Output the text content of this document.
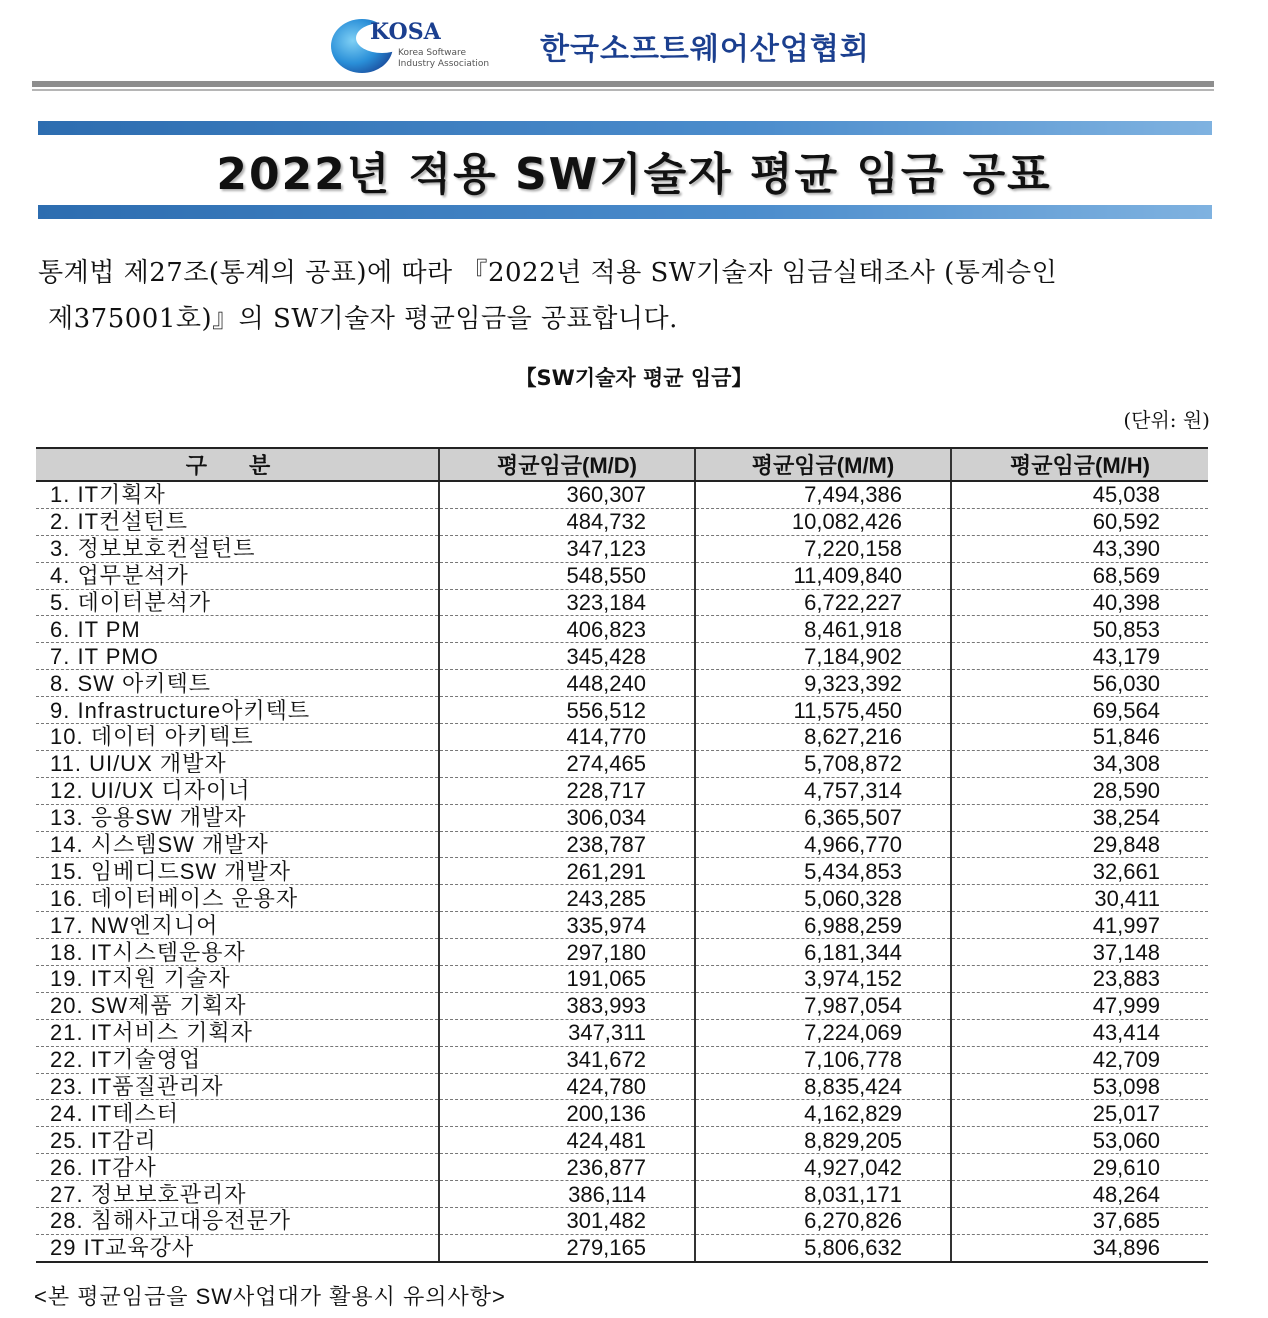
KOSA
Korea Software
Industry Association 한국소프트웨어산업협회
2022년 적용 SW기술자 평균 임금 공표
통계법 제27조(통계의 공표)에 따라 『2022년 적용 SW기술자 임금실태조사 (통계승인
제375001호)』의 SW기술자 평균임금을 공표합니다.
【SW기술자 평균 임금】
(단위: 원)
구 분	평균임금(M/D)	평균임금(M/M)	평균임금(M/H)
1. IT기획자	360,307	7,494,386	45,038
2. IT컨설턴트	484,732	10,082,426	60,592
3. 정보보호컨설턴트	347,123	7,220,158	43,390
4. 업무분석가	548,550	11,409,840	68,569
5. 데이터분석가	323,184	6,722,227	40,398
6. IT PM	406,823	8,461,918	50,853
7. IT PMO	345,428	7,184,902	43,179
8. SW 아키텍트	448,240	9,323,392	56,030
9. Infrastructure아키텍트	556,512	11,575,450	69,564
10. 데이터 아키텍트	414,770	8,627,216	51,846
11. UI/UX 개발자	274,465	5,708,872	34,308
12. UI/UX 디자이너	228,717	4,757,314	28,590
13. 응용SW 개발자	306,034	6,365,507	38,254
14. 시스템SW 개발자	238,787	4,966,770	29,848
15. 임베디드SW 개발자	261,291	5,434,853	32,661
16. 데이터베이스 운용자	243,285	5,060,328	30,411
17. NW엔지니어	335,974	6,988,259	41,997
18. IT시스템운용자	297,180	6,181,344	37,148
19. IT지원 기술자	191,065	3,974,152	23,883
20. SW제품 기획자	383,993	7,987,054	47,999
21. IT서비스 기획자	347,311	7,224,069	43,414
22. IT기술영업	341,672	7,106,778	42,709
23. IT품질관리자	424,780	8,835,424	53,098
24. IT테스터	200,136	4,162,829	25,017
25. IT감리	424,481	8,829,205	53,060
26. IT감사	236,877	4,927,042	29,610
27. 정보보호관리자	386,114	8,031,171	48,264
28. 침해사고대응전문가	301,482	6,270,826	37,685
29 IT교육강사	279,165	5,806,632	34,896
<본 평균임금을 SW사업대가 활용시 유의사항>
